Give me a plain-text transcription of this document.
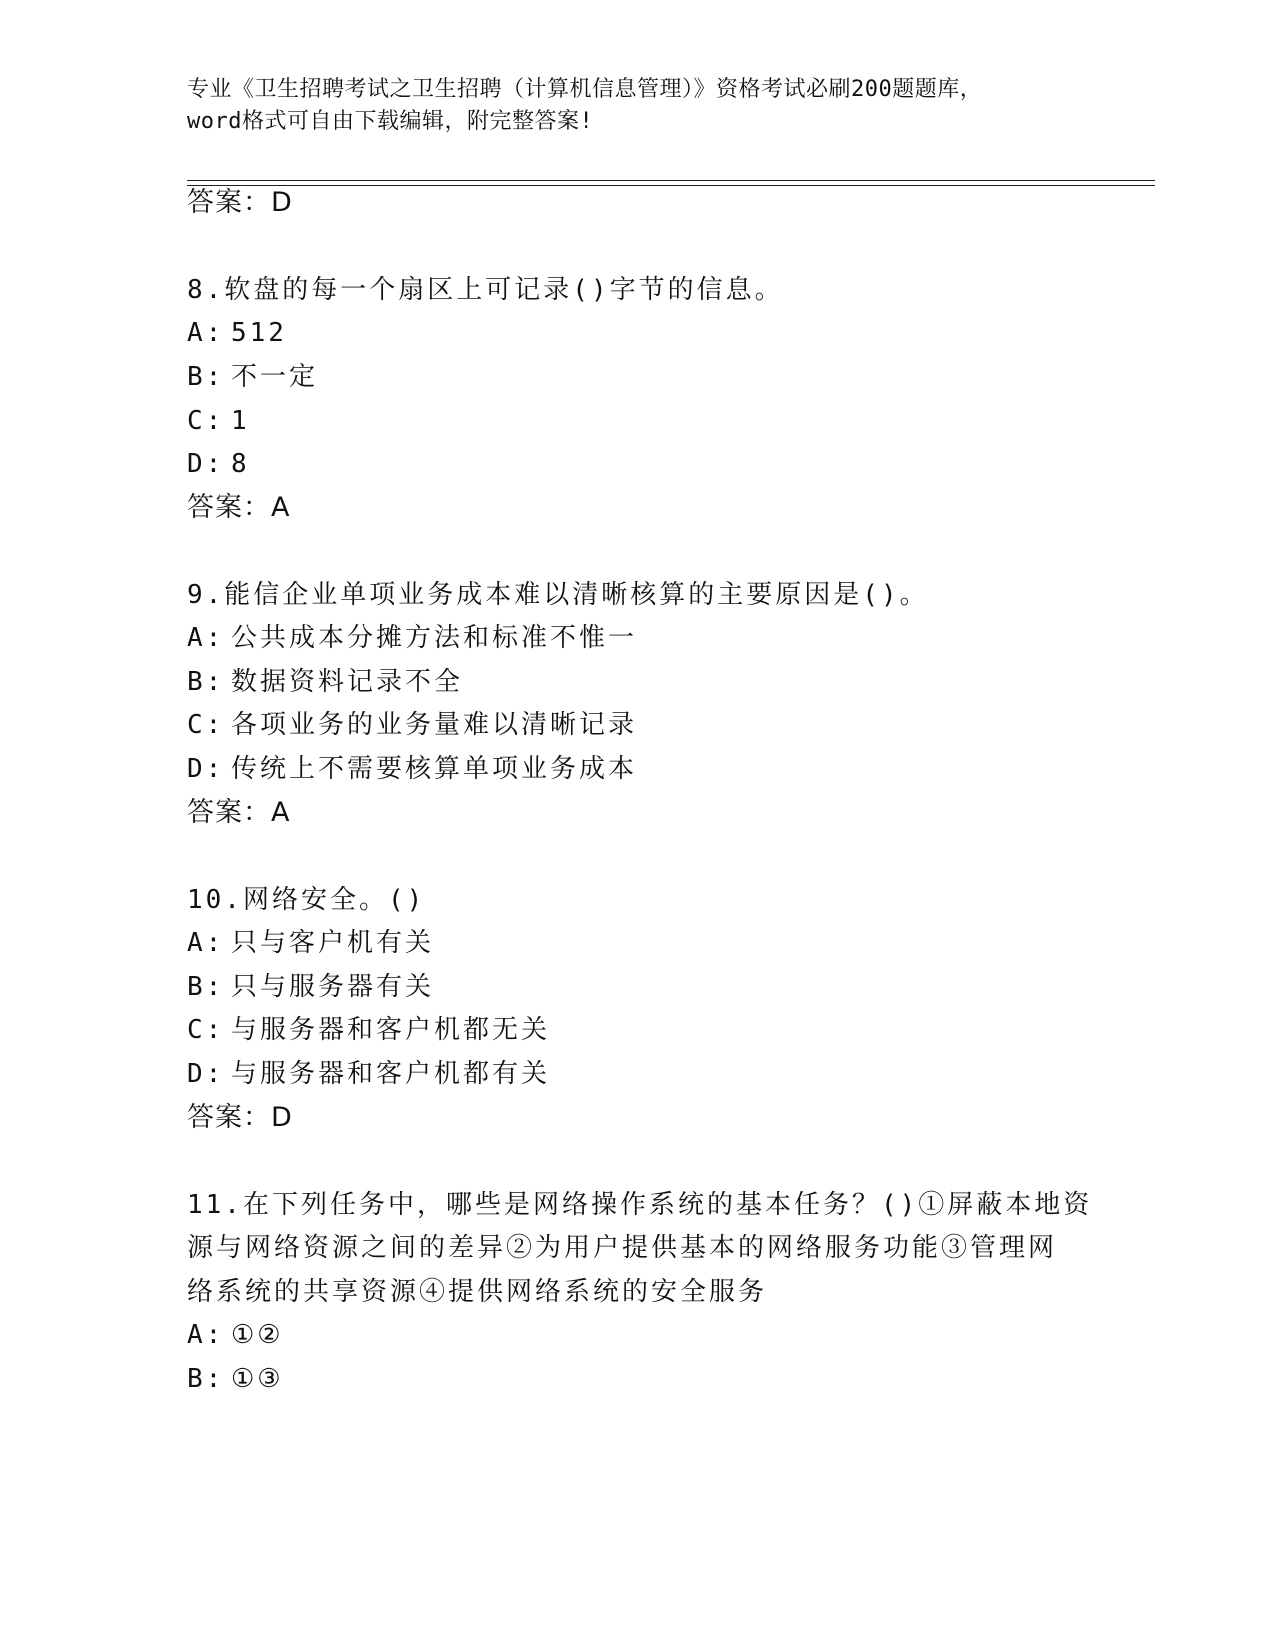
专业《卫生招聘考试之卫生招聘（计算机信息管理）》资格考试必刷200题题库，
word格式可自由下载编辑，附完整答案!
答案：D
8.软盘的每一个扇区上可记录()字节的信息。
A: 512
B: 不一定
C: 1
D: 8
答案：A
9.能信企业单项业务成本难以清晰核算的主要原因是()。
A: 公共成本分摊方法和标准不惟一
B: 数据资料记录不全
C: 各项业务的业务量难以清晰记录
D: 传统上不需要核算单项业务成本
答案：A
10.网络安全。()
A: 只与客户机有关
B: 只与服务器有关
C: 与服务器和客户机都无关
D: 与服务器和客户机都有关
答案：D
11.在下列任务中，哪些是网络操作系统的基本任务？()①屏蔽本地资
源与网络资源之间的差异②为用户提供基本的网络服务功能③管理网
络系统的共享资源④提供网络系统的安全服务
A: ①②
B: ①③
